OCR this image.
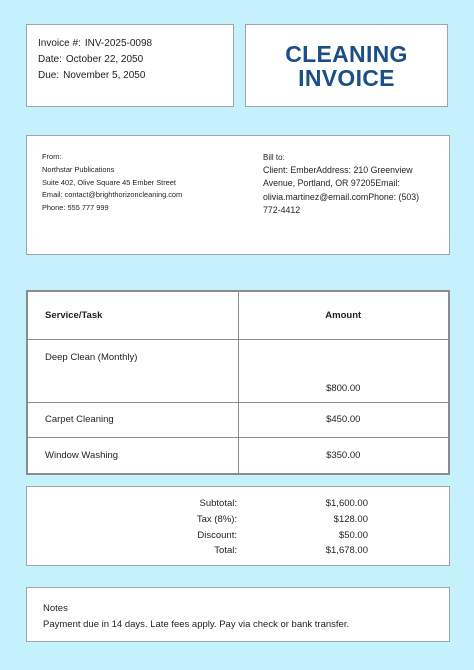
Invoice #: INV-2025-0098
Date: October 22, 2050
Due: November 5, 2050
CLEANING
INVOICE
From:
Northstar Publications
Suite 402, Olive Square 45 Ember Street
Email: contact@brighthorizoncleaning.com
Phone: 555 777 999
Bill to:
Client: EmberAddress: 210 Greenview
Avenue, Portland, OR 97205Email:
olivia.martinez@email.comPhone: (503)
772-4412
Service/Task	Amount
Deep Clean (Monthly)	$800.00
Carpet Cleaning	$450.00
Window Washing	$350.00
Subtotal:	$1,600.00
Tax (8%):	$128.00
Discount:	$50.00
Total:	$1,678.00
Notes
Payment due in 14 days. Late fees apply. Pay via check or bank transfer.
